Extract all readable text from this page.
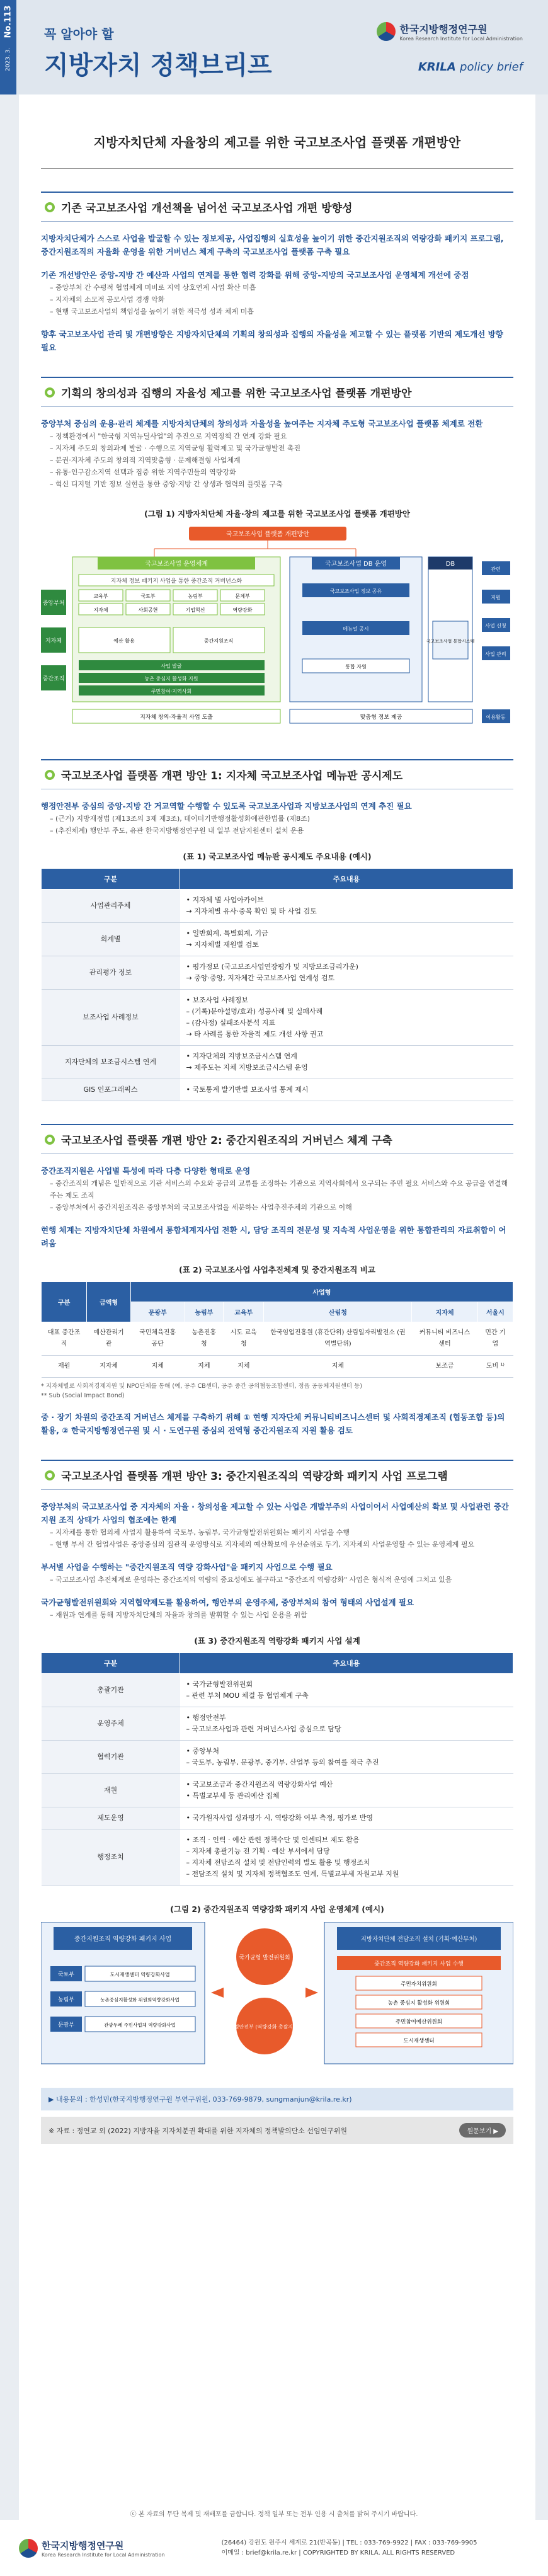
No.113
2023. 3.
꼭 알아야 할
지방자치 정책브리프
한국지방행정연구원
Korea Research Institute for Local Administration
KRILA policy brief
지방자치단체 자율창의 제고를 위한 국고보조사업 플랫폼 개편방안
기존 국고보조사업 개선책을 넘어선 국고보조사업 개편 방향성
지방자치단체가 스스로 사업을 발굴할 수 있는 정보제공, 사업집행의 실효성을 높이기 위한 중간지원조직의 역량강화 패키지 프로그램, 중간지원조직의 자율화 운영을 위한 거버넌스 체계 구축의 국고보조사업 플랫폼 구축 필요
기존 개선방안은 중앙-지방 간 예산과 사업의 연계를 통한 협력 강화를 위해 중앙-지방의 국고보조사업 운영체계 개선에 중점
– 중앙부처 간 수평적 협업체계 미비로 지역 상호연계 사업 확산 미흡
– 지자체의 소모적 공모사업 경쟁 악화
– 현행 국고보조사업의 책임성을 높이기 위한 적극성 성과 체계 미흡
향후 국고보조사업 관리 및 개편방향은 지방자치단체의 기획의 창의성과 집행의 자율성을 제고할 수 있는 플랫폼 기반의 제도개선 방향 필요
기획의 창의성과 집행의 자율성 제고를 위한 국고보조사업 플랫폼 개편방안
중앙부처 중심의 운용·관리 체계를 지방자치단체의 창의성과 자율성을 높여주는 지자체 주도형 국고보조사업 플랫폼 체계로 전환
– 정책환경에서 "한국형 지역뉴딜사업"의 추진으로 지역정책 간 연계 강화 필요
– 지자체 주도의 창의과제 발굴 · 수행으로 지역균형 활력제고 및 국가균형발전 촉진
– 분권·지자체 주도의 창의적 지역맞춤형 · 문제해결형 사업체계
– 유통·인구감소지역 선택과 집중 위한 지역주민들의 역량강화
– 혁신 디지털 기반 정보 실현을 통한 중앙·지방 간 상생과 협력의 플랫폼 구축
(그림 1) 지방자치단체 자율·창의 제고를 위한 국고보조사업 플랫폼 개편방안
국고보조사업 플랫폼 개편방안
국고보조사업 운영체계
지자체 정보 패키지 사업을 통한 중간조직 거버넌스화
중앙부처
지자체
중간조직
교육부	국토부	농림부	문체부
지자체	사회공헌	기업혁신	역량강화
예산 활용	중간지원조직
사업 발굴
농촌 중심지 활성화 지원
주민참여·지역사회
국고보조사업 DB 운영
국고보조사업 정보 공유
메뉴얼 공시
통합 자원
DB
국고보조사업 통합시스템
관련
지원
사업 신청
사업 관리
이용활동
지자체 창의·자율적 사업 도출	맞춤형 정보 제공
국고보조사업 플랫폼 개편 방안 1: 지자체 국고보조사업 메뉴판 공시제도
행정안전부 중심의 중앙-지방 간 거교역할 수행할 수 있도록 국고보조사업과 지방보조사업의 연계 추진 필요
– (근거) 지방재정법 (제13조의 3제 제3조), 데이터기반행정활성화에관한법률 (제8조)
– (추진체계) 행안부 주도, 유관 한국지방행정연구원 내 일부 전담지원센터 설치 운용
(표 1) 국고보조사업 메뉴판 공시제도 주요내용 (예시)
구분	주요내용
사업관리주체	• 지자체 별 사업아카이브
→ 지자체별 유사·중복 확인 및 타 사업 검토
회계별	• 일반회계, 특별회계, 기금
→ 지자체별 재원별 검토
관리평가 정보	• 평가정보 (국고보조사업연장평가 및 지방보조금리가운)
→ 중앙·중앙, 지자체간 국고보조사업 연계성 검토
보조사업 사례정보	• 보조사업 사례정보
– (기록)분야설명/효과) 성공사례 및 실패사례
– (감사정) 실패조사분석 지표
→ 타 사례를 통한 자율적 제도 개선 사항 권고
지자단체의 보조금시스템 연계	• 지자단체의 지방보조금시스템 연계
→ 제주도는 지체 지방보조금시스템 운영
GIS 인포그래픽스	• 국토통계 발기반별 보조사업 통계 제시
국고보조사업 플랫폼 개편 방안 2: 중간지원조직의 거버넌스 체계 구축
중간조직지원은 사업별 특성에 따라 다층 다양한 형태로 운영
– 중간조직의 개념은 일반적으로 기관 서비스의 수요와 공급의 교류를 조정하는 기관으로 지역사회에서 요구되는 주민 필요 서비스와 수요 공급을 연결해주는 제도 조직
– 중앙부처에서 중간지원조직은 중앙부처의 국고보조사업을 세분하는 사업추진주체의 기관으로 이해
현행 체계는 지방자치단체 차원에서 통합체계지사업 전환 시, 담당 조직의 전문성 및 지속적 사업운영을 위한 통합관리의 자료취합이 어려움
(표 2) 국고보조사업 사업추진체계 및 중간지원조직 비교
구분	금액형	사업형					
		문광부	농림부	교육부	산림청	지자체	서울시
대표 중간조직	예산관리기관	국민체육진흥공단	농촌진흥청	시도 교육청	한국임업진흥원 (휴간단위) 산림일자리발전소 (권역별단위)	커뮤니티 비즈니스센터	민간 기업
재원	지자체	지체	지체	지체	지체	보조금	도비 ¹⁾
* 지자체별로 사회적경제지원 및 NPO단체를 통해 (예, 공주 CB센터, 공주 중간 공의협동조합센터, 정읍 공동체지원센터 등)
** Sub (Social Impact Bond)
중 · 장기 차원의 중간조직 거버넌스 체계를 구축하기 위해 ① 현행 지자단체 커뮤니티비즈니스센터 및 사회적경제조직 (협동조합 등)의 활용, ② 한국지방행정연구원 및 시 · 도연구원 중심의 전역형 중간지원조직 지원 활용 검토
국고보조사업 플랫폼 개편 방안 3: 중간지원조직의 역량강화 패키지 사업 프로그램
중앙부처의 국고보조사업 중 지자체의 자율 · 창의성을 제고할 수 있는 사업은 개발부주의 사업이어서 사업예산의 확보 및 사업관련 중간지원 조직 상태가 사업의 협조에는 한계
– 지자체를 통한 협의체 사업지 활용하여 국토부, 농림부, 국가균형발전위원회는 패키지 사업을 수행
– 현행 부서 간 협업사업은 중앙중심의 집관적 운영방식로 지자체의 예산확보에 우선순위로 두기, 지자체의 사업운영할 수 있는 운영체계 필요
부서별 사업을 수행하는 "중간지원조직 역량 강화사업"을 패키지 사업으로 수행 필요
– 국고보조사업 추진체계로 운영하는 중간조직의 역량의 중요성에도 불구하고 "중간조직 역량강화" 사업은 형식적 운영에 그치고 있음
국가균형발전위원회와 지역협약제도를 활용하여, 행안부의 운영주체, 중앙부처의 참여 형태의 사업설계 필요
– 재원과 연계를 통해 지방자치단체의 자율과 창의를 발휘할 수 있는 사업 운용을 위함
(표 3) 중간지원조직 역량강화 패키지 사업 설계
구분	주요내용
총괄기관	• 국가균형발전위원회
– 관련 부처 MOU 체결 등 협업체계 구축
운영주체	• 행정안전부
– 국고보조사업과 관련 거버넌스사업 중심으로 담당
협력기관	• 중앙부처
– 국토부, 농림부, 문광부, 중기부, 산업부 등의 참여를 적극 추진
재원	• 국고보조금과 중간지원조직 역량강화사업 예산
• 특별교부세 등 관리예산 집체
제도운영	• 국가원자사업 성과평가 시, 역량강화 여부 측정, 평가로 반영
행정조치	• 조직 · 인력 · 예산 관련 정책수단 및 인센티브 제도 활용
– 지자체 총괄기능 전 기획 · 예산 부서에서 담당
– 지자체 전담조직 설치 및 전담인력의 별도 활용 및 행정조치
– 전담조직 설치 및 지자체 정책협조도 연계, 특별교부세 자원교부 지원
(그림 2) 중간지원조직 역량강화 패키지 사업 운영체계 (예시)
중간지원조직 역량강화 패키지 사업
국토부	도시재생센터 역량강화사업
농림부	농촌중심지활성화 위원회역량강화사업
문광부	관광두레 주민사업체 역량강화사업
국가균형 발전위원회
행정안전부 (역량강화 총괄지원)
지방자치단체 전담조직 설치 (기획·예산부처)
중간조직 역량강화 패키지 사업 수행
주민자치위원회
농촌 중심지 활성화 위원회
주민참여예산위원회
도시재생센터
▶ 내용문의 : 한성민(한국지방행정연구원 부연구위원, 033-769-9879, sungmanjun@krila.re.kr)
※ 자료 : 정연교 외 (2022) 지방자율 지자치분권 확대를 위한 지자체의 정책발의단소 선임연구위원	원문보기 ▶
ⓒ 본 자료의 무단 복제 및 재배포를 금합니다. 정책 일부 또는 전부 인용 시 출처를 밝혀 주시기 바랍니다.
한국지방행정연구원
Korea Research Institute for Local Administration
(26464) 강원도 원주시 세계로 21(반곡동) | TEL : 033-769-9922 | FAX : 033-769-9905
이메일 : brief@krila.re.kr | COPYRIGHTED BY KRILA. ALL RIGHTS RESERVED
